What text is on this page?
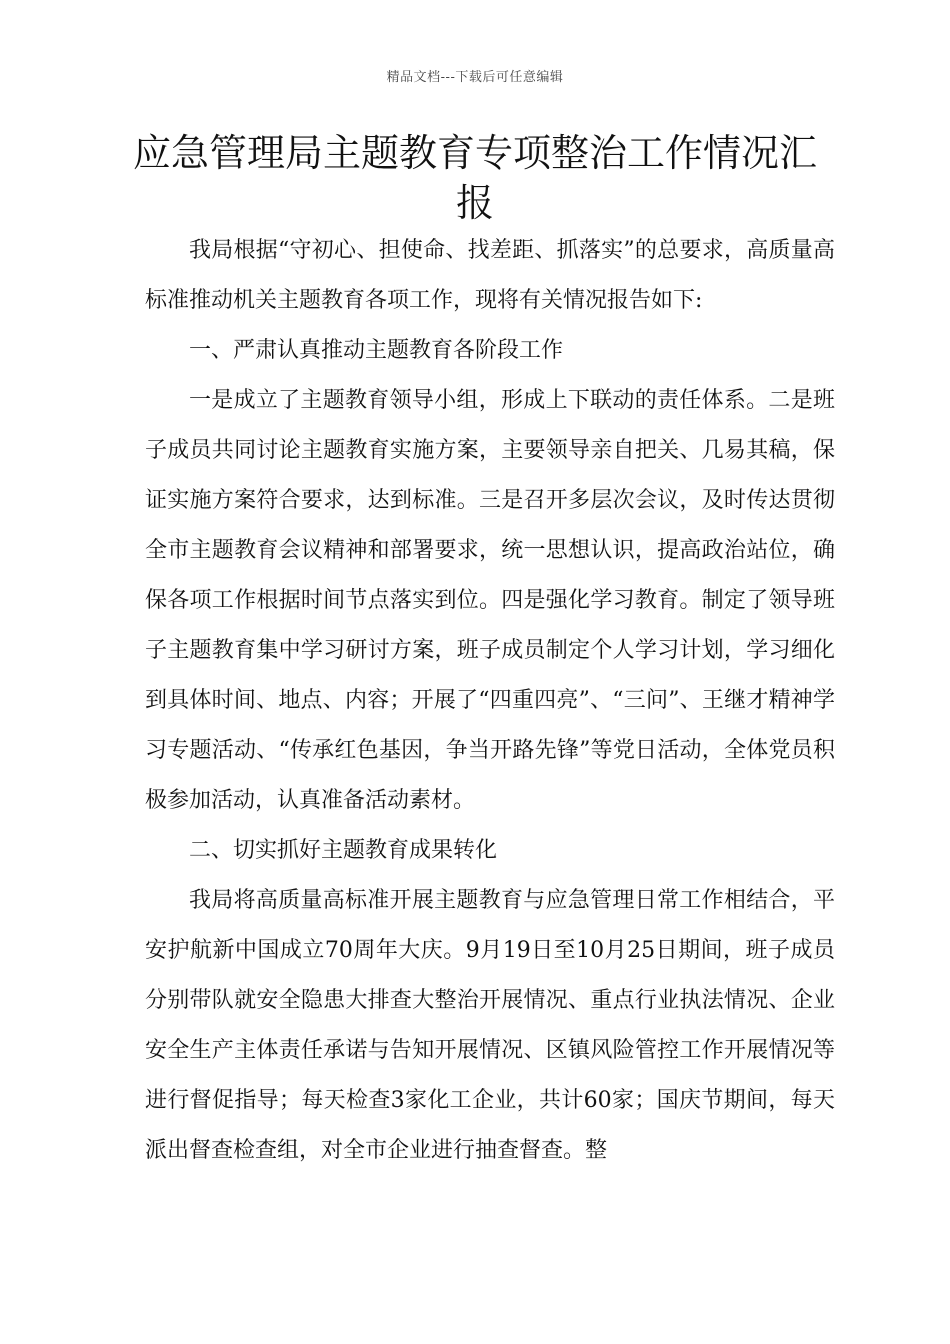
精品文档---下载后可任意编辑
应急管理局主题教育专项整治工作情况汇报

我局根据“守初心、担使命、找差距、抓落实”的总要求，高质量高标准推动机关主题教育各项工作，现将有关情况报告如下:

一、严肃认真推动主题教育各阶段工作

一是成立了主题教育领导小组，形成上下联动的责任体系。二是班子成员共同讨论主题教育实施方案，主要领导亲自把关、几易其稿，保证实施方案符合要求，达到标准。三是召开多层次会议，及时传达贯彻全市主题教育会议精神和部署要求，统一思想认识，提高政治站位，确保各项工作根据时间节点落实到位。四是强化学习教育。制定了领导班子主题教育集中学习研讨方案，班子成员制定个人学习计划，学习细化到具体时间、地点、内容；开展了“四重四亮”、“三问”、王继才精神学习专题活动、“传承红色基因，争当开路先锋”等党日活动，全体党员积极参加活动，认真准备活动素材。

二、切实抓好主题教育成果转化

我局将高质量高标准开展主题教育与应急管理日常工作相结合，平安护航新中国成立70周年大庆。9月19日至10月25日期间，班子成员分别带队就安全隐患大排查大整治开展情况、重点行业执法情况、企业安全生产主体责任承诺与告知开展情况、区镇风险管控工作开展情况等进行督促指导；每天检查3家化工企业，共计60家；国庆节期间，每天派出督查检查组，对全市企业进行抽查督查。整
